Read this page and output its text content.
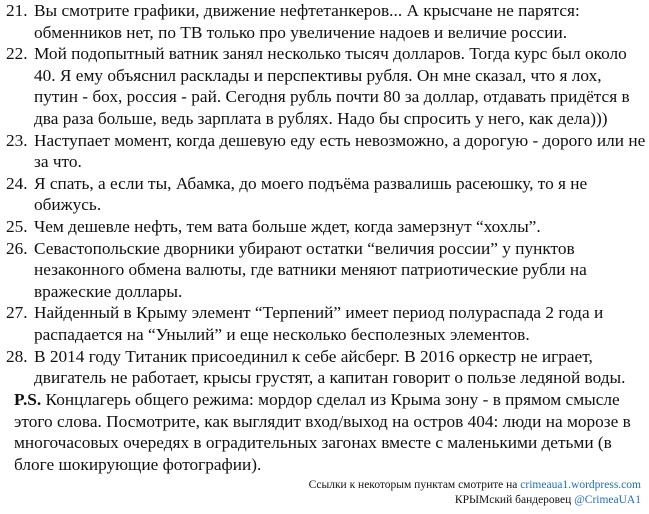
21. Вы смотрите графики, движение нефтетанкеров... А крысчане не парятся: обменников нет, по ТВ только про увеличение надоев и величие россии.
22. Мой подопытный ватник занял несколько тысяч долларов. Тогда курс был около 40. Я ему объяснил расклады и перспективы рубля. Он мне сказал, что я лох, путин - бох, россия - рай. Сегодня рубль почти 80 за доллар, отдавать придётся в два раза больше, ведь зарплата в рублях. Надо бы спросить у него, как дела)))
23. Наступает момент, когда дешевую еду есть невозможно, а дорогую - дорого или не за что.
24. Я спать, а если ты, Абамка, до моего подъёма развалишь расеюшку, то я не обижусь.
25. Чем дешевле нефть, тем вата больше ждет, когда замерзнут “хохлы”.
26. Севастопольские дворники убирают остатки “величия россии” у пунктов незаконного обмена валюты, где ватники меняют патриотические рубли на вражеские доллары.
27. Найденный в Крыму элемент “Терпений” имеет период полураспада 2 года и распадается на “Унылий” и еще несколько бесполезных элементов.
28. В 2014 году Титаник присоединил к себе айсберг. В 2016 оркестр не играет, двигатель не работает, крысы грустят, а капитан говорит о пользе ледяной воды.
P.S. Концлагерь общего режима: мордор сделал из Крыма зону - в прямом смысле этого слова. Посмотрите, как выглядит вход/выход на остров 404: люди на морозе в многочасовых очередях в оградительных загонах вместе с маленькими детьми (в блоге шокирующие фотографии).
Ссылки к некоторым пунктам смотрите на crimeaua1.wordpress.com
КРЫМский бандеровец @CrimeaUA1
